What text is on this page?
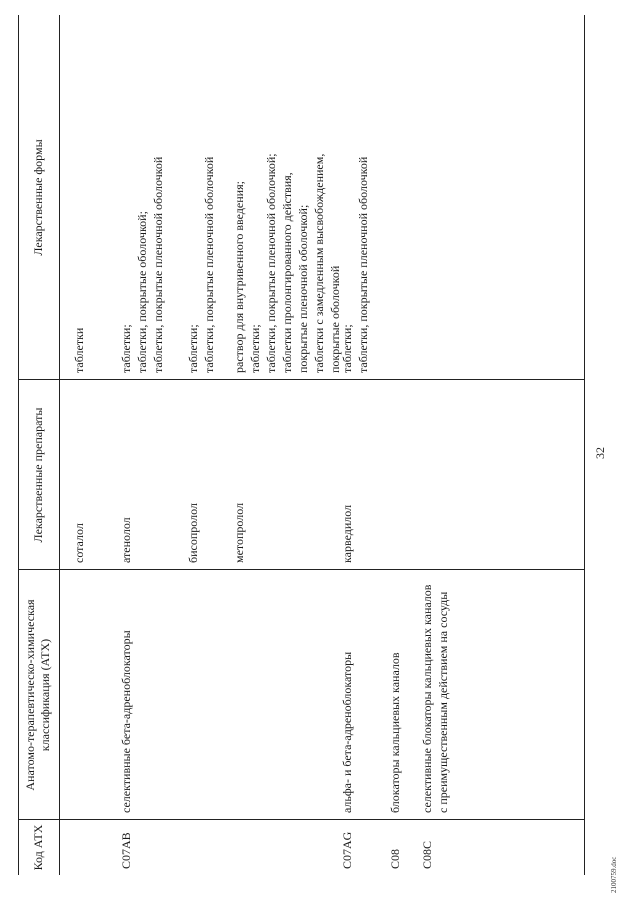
32
2100759.doc
Код АТХ
Анатомо-терапевтическо-химическая классификация (АТХ)
Лекарственные препараты
Лекарственные формы
соталол
таблетки
C07AB
селективные бета-адреноблокаторы
атенолол
таблетки; таблетки, покрытые оболочкой; таблетки, покрытые пленочной оболочкой
бисопролол
таблетки; таблетки, покрытые пленочной оболочкой
метопролол
раствор для внутривенного введения; таблетки; таблетки, покрытые пленочной оболочкой; таблетки пролонгированного действия, покрытые пленочной оболочкой; таблетки с замедленным высвобождением, покрытые оболочкой
C07AG
альфа- и бета-адреноблокаторы
карведилол
таблетки; таблетки, покрытые пленочной оболочкой
C08
блокаторы кальциевых каналов
C08C
селективные блокаторы кальциевых каналов с преимущественным действием на сосуды
